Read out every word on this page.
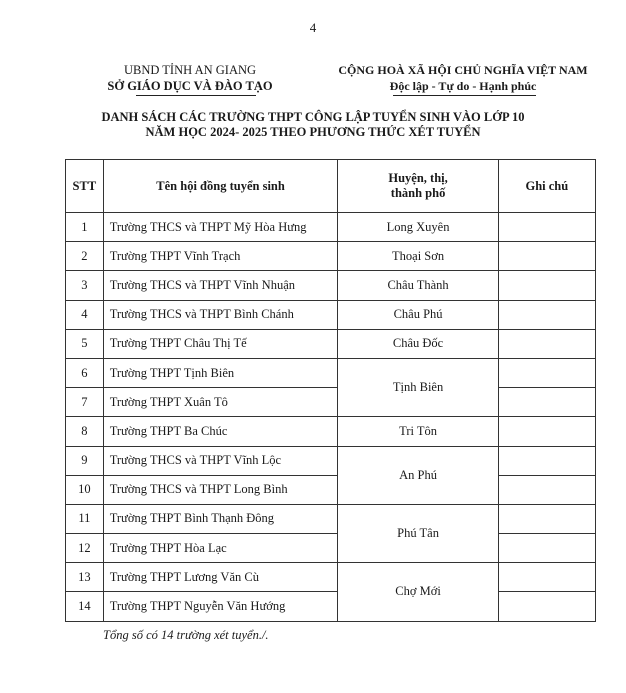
4
UBND TỈNH AN GIANG
SỞ GIÁO DỤC VÀ ĐÀO TẠO
CỘNG HOÀ XÃ HỘI CHỦ NGHĨA VIỆT NAM
Độc lập - Tự do - Hạnh phúc
DANH SÁCH CÁC TRƯỜNG THPT CÔNG LẬP TUYỂN SINH VÀO LỚP 10
NĂM HỌC 2024- 2025 THEO PHƯƠNG THỨC XÉT TUYỂN
STT	Tên hội đồng tuyển sinh	Huyện, thị,
thành phố	Ghi chú
1	Trường THCS và THPT Mỹ Hòa Hưng	Long Xuyên	
2	Trường THPT Vĩnh Trạch	Thoại Sơn	
3	Trường THCS và THPT Vĩnh Nhuận	Châu Thành	
4	Trường THCS và THPT Bình Chánh	Châu Phú	
5	Trường THPT Châu Thị Tế	Châu Đốc	
6	Trường THPT Tịnh Biên	Tịnh Biên	
7	Trường THPT Xuân Tô		
8	Trường THPT Ba Chúc	Tri Tôn	
9	Trường THCS và THPT Vĩnh Lộc	An Phú	
10	Trường THCS và THPT Long Bình		
11	Trường THPT Bình Thạnh Đông	Phú Tân	
12	Trường THPT Hòa Lạc		
13	Trường THPT Lương Văn Cù	Chợ Mới	
14	Trường THPT Nguyễn Văn Hướng		
Tổng số có 14 trường xét tuyển./.
